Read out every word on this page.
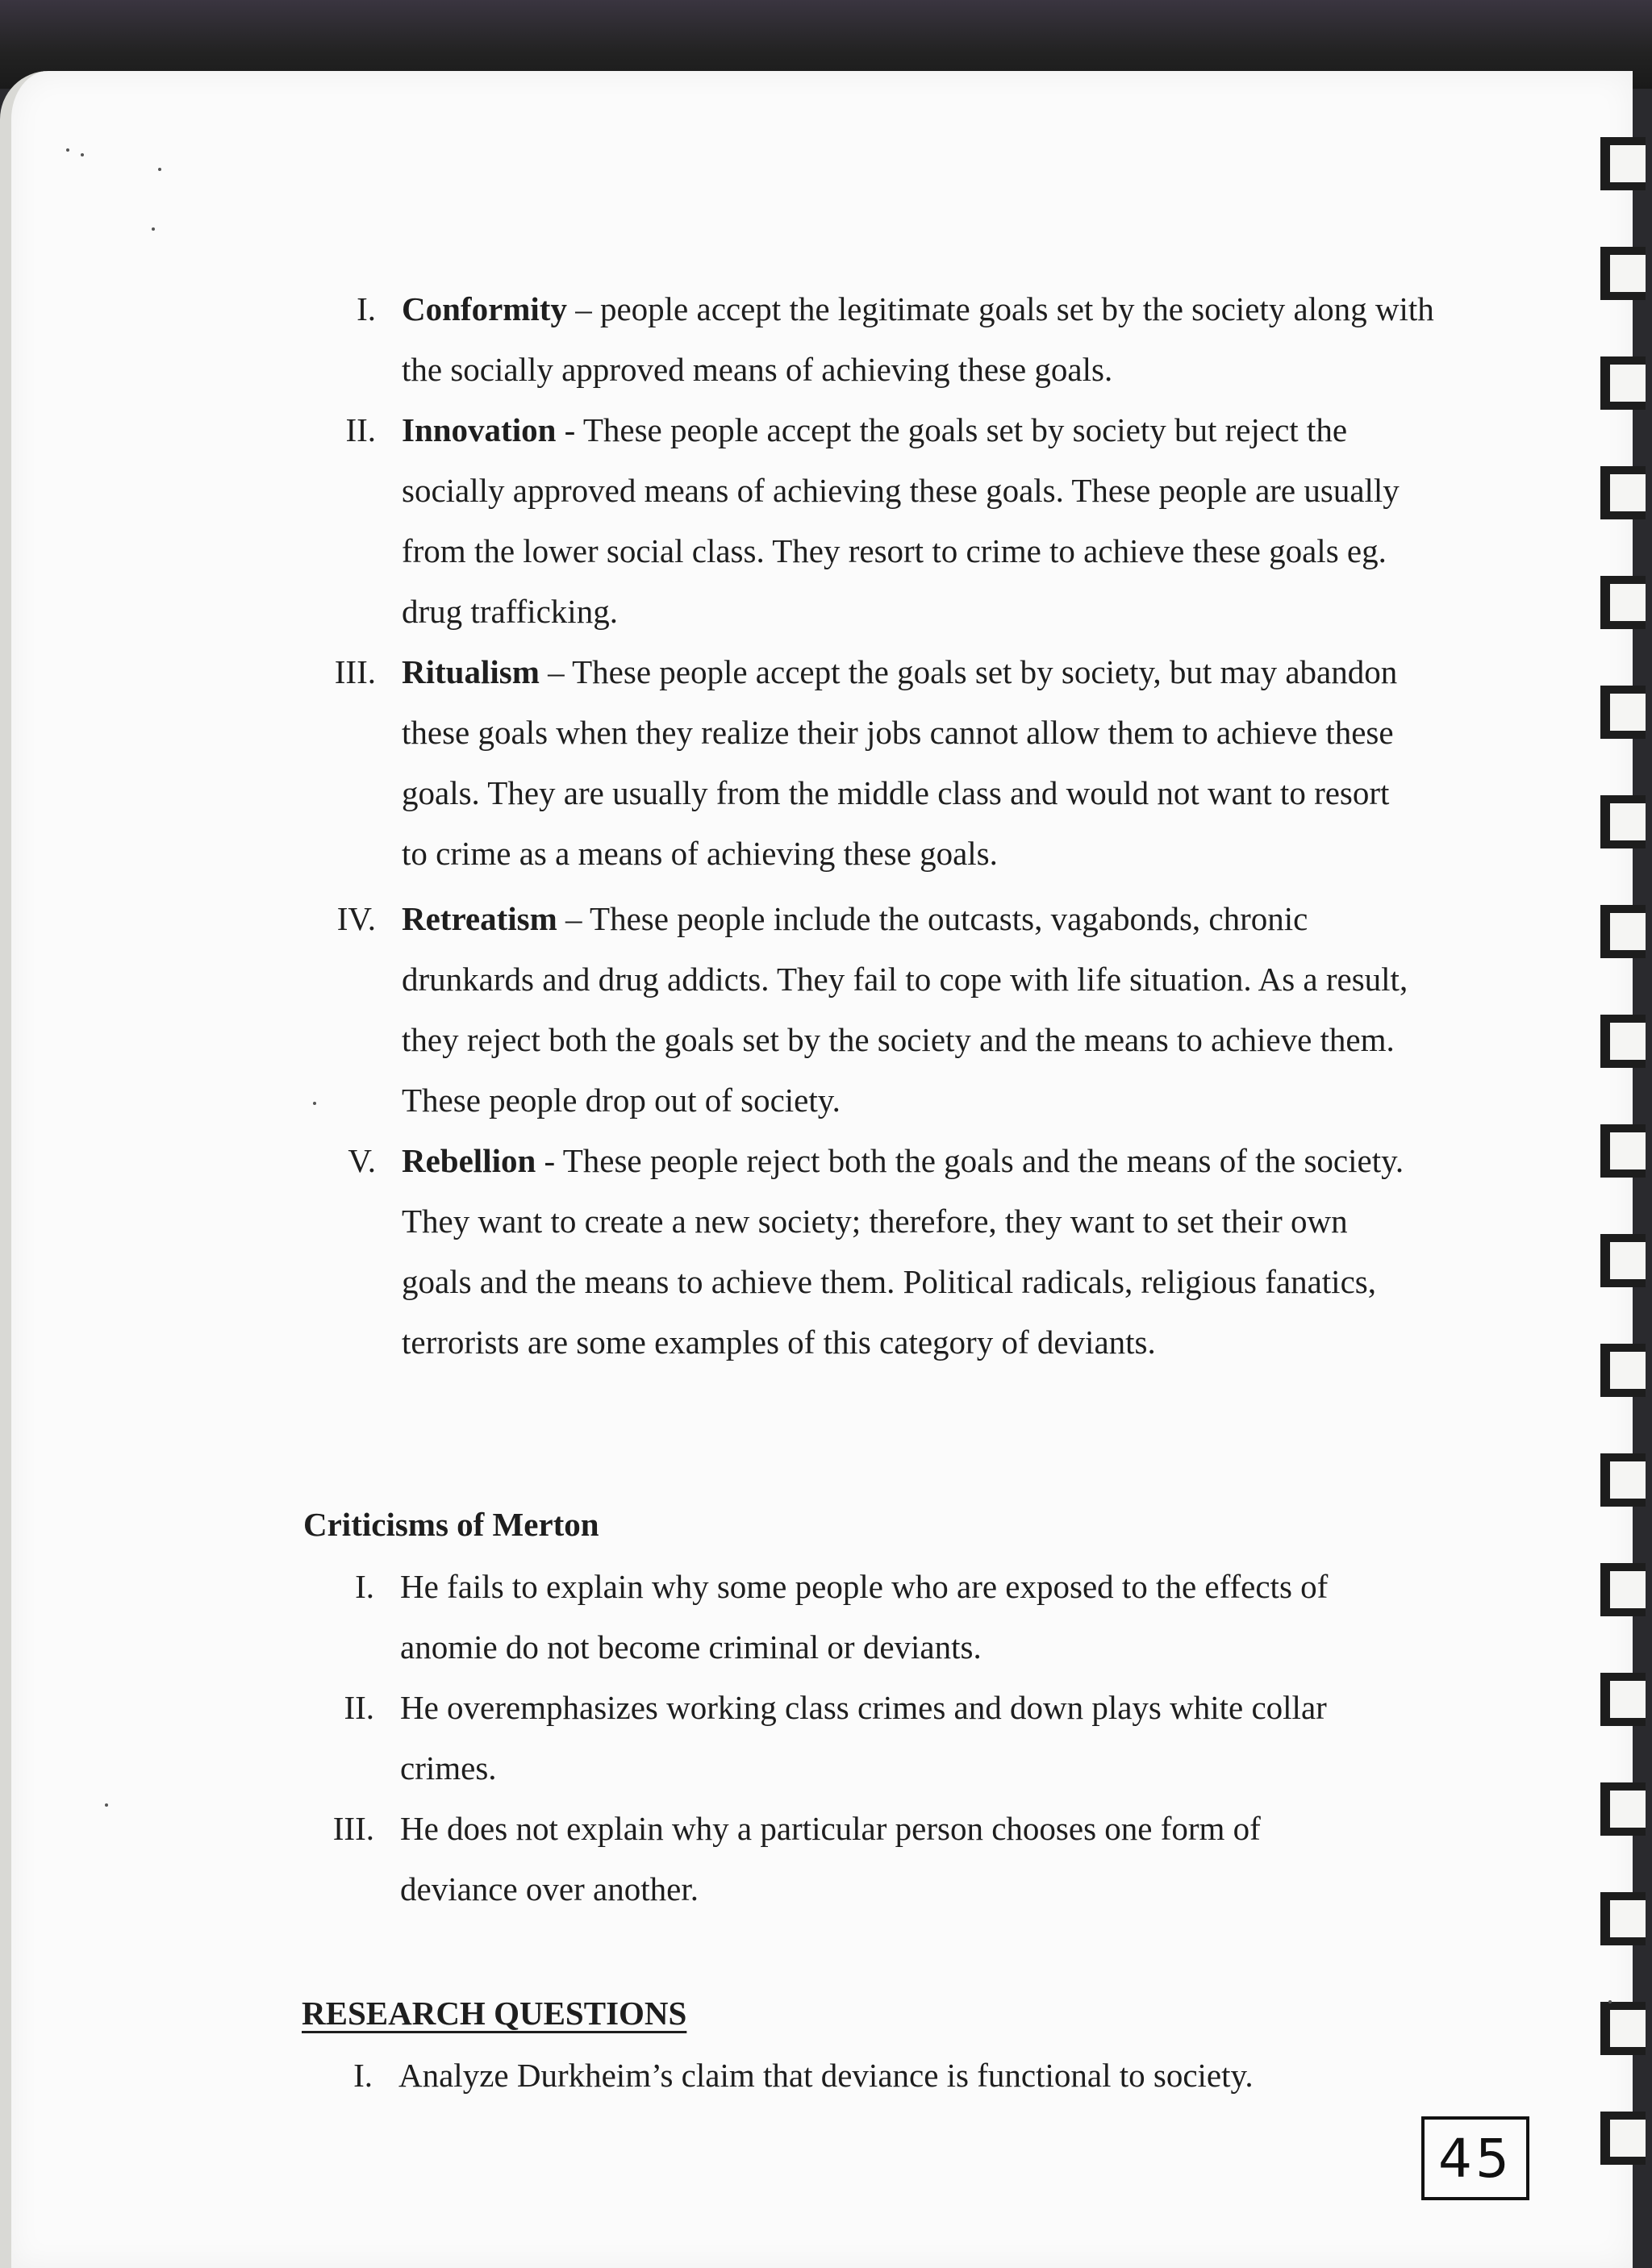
I. Conformity – people accept the legitimate goals set by the society along with the socially approved means of achieving these goals.
II. Innovation - These people accept the goals set by society but reject the socially approved means of achieving these goals. These people are usually from the lower social class. They resort to crime to achieve these goals eg. drug trafficking.
III. Ritualism – These people accept the goals set by society, but may abandon these goals when they realize their jobs cannot allow them to achieve these goals. They are usually from the middle class and would not want to resort to crime as a means of achieving these goals.
IV. Retreatism – These people include the outcasts, vagabonds, chronic drunkards and drug addicts. They fail to cope with life situation. As a result, they reject both the goals set by the society and the means to achieve them. These people drop out of society.
V. Rebellion - These people reject both the goals and the means of the society. They want to create a new society; therefore, they want to set their own goals and the means to achieve them. Political radicals, religious fanatics, terrorists are some examples of this category of deviants.
Criticisms of Merton
I. He fails to explain why some people who are exposed to the effects of anomie do not become criminal or deviants.
II. He overemphasizes working class crimes and down plays white collar crimes.
III. He does not explain why a particular person chooses one form of deviance over another.
RESEARCH QUESTIONS
I. Analyze Durkheim’s claim that deviance is functional to society.
45
